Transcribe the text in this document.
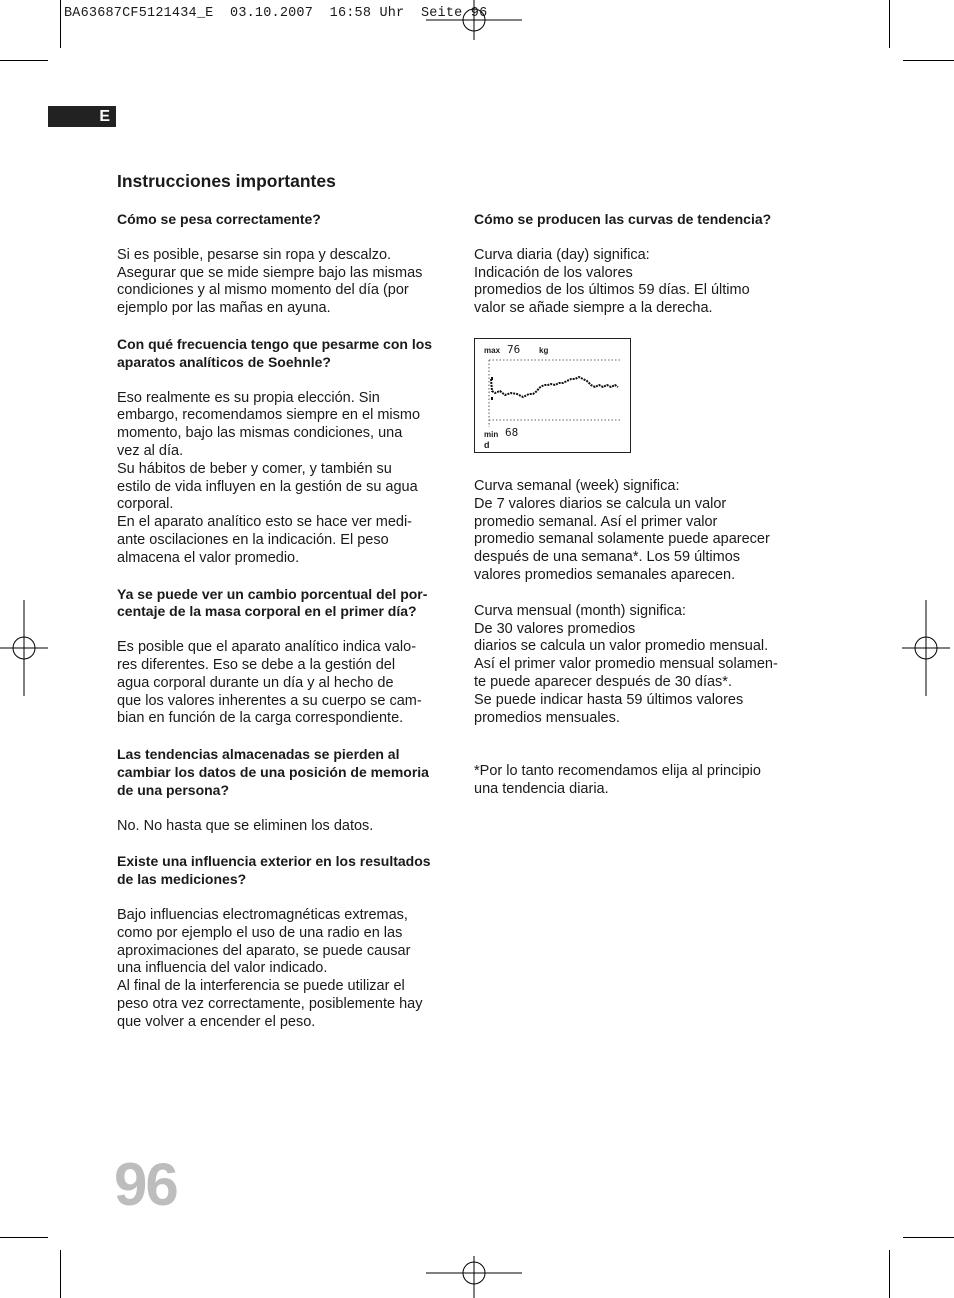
BA63687CF5121434_E  03.10.2007  16:58 Uhr  Seite 96
E
Instrucciones importantes
Cómo se pesa correctamente?
Si es posible, pesarse sin ropa y descalzo.
Asegurar que se mide siempre bajo las mismas
condiciones y al mismo momento del día (por
ejemplo por las mañas en ayuna.
Con qué frecuencia tengo que pesarme con los
aparatos analíticos de Soehnle?
Eso realmente es su propia elección. Sin
embargo, recomendamos siempre en el mismo
momento, bajo las mismas condiciones, una
vez al día.
Su hábitos de beber y comer, y también su
estilo de vida influyen en la gestión de su agua
corporal.
En el aparato analítico esto se hace ver medi-
ante oscilaciones en la indicación. El peso
almacena el valor promedio.
Ya se puede ver un cambio porcentual del por-
centaje de la masa corporal en el primer día?
Es posible que el aparato analítico indica valo-
res diferentes. Eso se debe a la gestión del
agua corporal durante un día y al hecho de
que los valores inherentes a su cuerpo se cam-
bian en función de la carga correspondiente.
Las tendencias almacenadas se pierden al
cambiar los datos de una posición de memoria
de una persona?
No. No hasta que se eliminen los datos.
Existe una influencia exterior en los resultados
de las mediciones?
Bajo influencias electromagnéticas extremas,
como por ejemplo el uso de una radio en las
aproximaciones del aparato, se puede causar
una influencia del valor indicado.
Al final de la interferencia se puede utilizar el
peso otra vez correctamente, posiblemente hay
que volver a encender el peso.
Cómo se producen las curvas de tendencia?
Curva diaria (day) significa:
Indicación de los valores
promedios de los últimos 59 días. El último
valor se añade siempre a la derecha.
max 76 kg
min 68
d
Curva semanal (week) significa:
De 7 valores diarios se calcula un valor
promedio semanal. Así el primer valor
promedio semanal solamente puede aparecer
después de una semana*. Los 59 últimos
valores promedios semanales aparecen.
Curva mensual (month) significa:
De 30 valores promedios
diarios se calcula un valor promedio mensual.
Así el primer valor promedio mensual solamen-
te puede aparecer después de 30 días*.
Se puede indicar hasta 59 últimos valores
promedios mensuales.
*Por lo tanto recomendamos elija al principio
una tendencia diaria.
96
